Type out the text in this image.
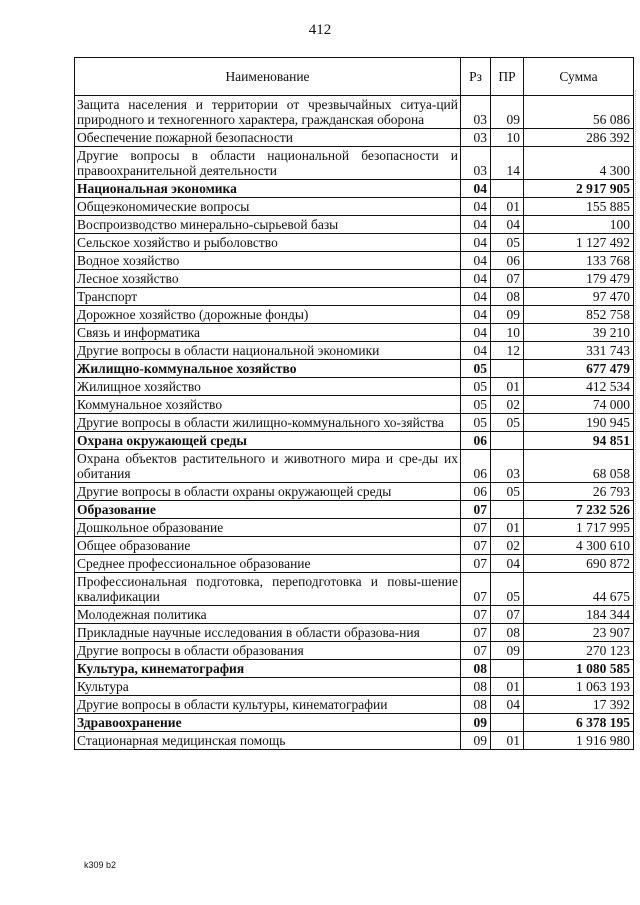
412
Наименование	Рз	ПР	Сумма
Защита населения и территории от чрезвычайных ситуа-ций природного и техногенного характера, гражданская оборона	03	09	56 086
Обеспечение пожарной безопасности	03	10	286 392
Другие вопросы в области национальной безопасности и правоохранительной деятельности	03	14	4 300
Национальная экономика	04		2 917 905
Общеэкономические вопросы	04	01	155 885
Воспроизводство минерально-сырьевой базы	04	04	100
Сельское хозяйство и рыболовство	04	05	1 127 492
Водное хозяйство	04	06	133 768
Лесное хозяйство	04	07	179 479
Транспорт	04	08	97 470
Дорожное хозяйство (дорожные фонды)	04	09	852 758
Связь и информатика	04	10	39 210
Другие вопросы в области национальной экономики	04	12	331 743
Жилищно-коммунальное хозяйство	05		677 479
Жилищное хозяйство	05	01	412 534
Коммунальное хозяйство	05	02	74 000
Другие вопросы в области жилищно-коммунального хо-зяйства	05	05	190 945
Охрана окружающей среды	06		94 851
Охрана объектов растительного и животного мира и сре-ды их обитания	06	03	68 058
Другие вопросы в области охраны окружающей среды	06	05	26 793
Образование	07		7 232 526
Дошкольное образование	07	01	1 717 995
Общее образование	07	02	4 300 610
Среднее профессиональное образование	07	04	690 872
Профессиональная подготовка, переподготовка и повы-шение квалификации	07	05	44 675
Молодежная политика	07	07	184 344
Прикладные научные исследования в области образова-ния	07	08	23 907
Другие вопросы в области образования	07	09	270 123
Культура, кинематография	08		1 080 585
Культура	08	01	1 063 193
Другие вопросы в области культуры, кинематографии	08	04	17 392
Здравоохранение	09		6 378 195
Стационарная медицинская помощь	09	01	1 916 980
k309 b2
